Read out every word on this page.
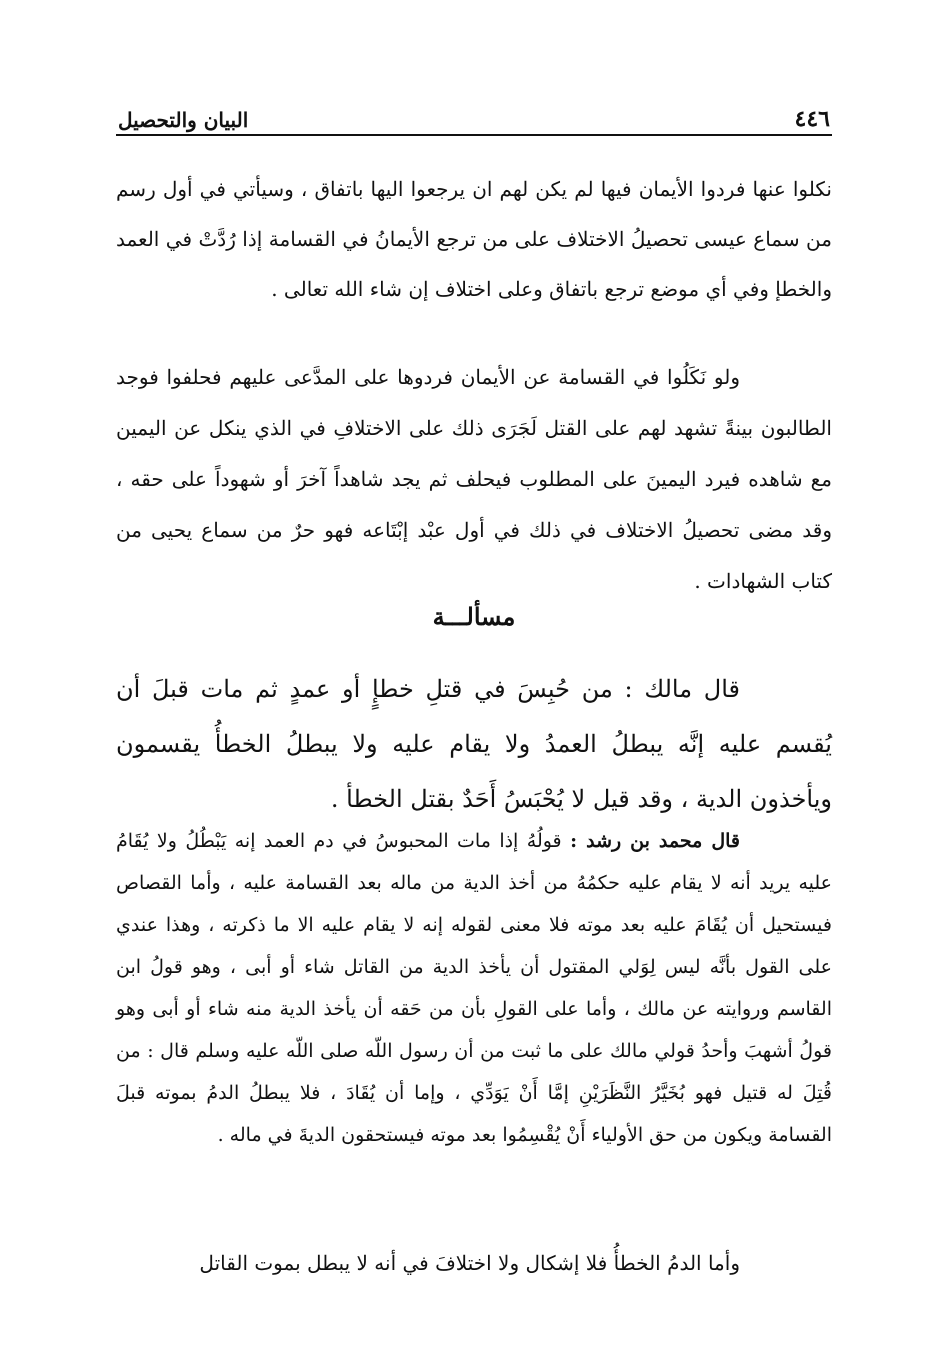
٤٤٦
البيان والتحصيل

نكلوا عنها فردوا الأيمان فيها لم يكن لهم ان يرجعوا اليها باتفاق ، وسيأتي في أول رسم من سماع عيسى تحصيلُ الاختلاف على من ترجع الأيمانُ في القسامة إذا رُدَّتْ في العمد والخطإ وفي أي موضع ترجع باتفاق وعلى اختلاف إن شاء الله تعالى .

ولو نَكَلُوا في القسامة عن الأيمان فردوها على المدَّعى عليهم فحلفوا فوجد الطالبون بينةً تشهد لهم على القتل لَجَرَى ذلك على الاختلافِ في الذي ينكل عن اليمين مع شاهده فيرد اليمينَ على المطلوب فيحلف ثم يجد شاهداً آخرَ أو شهوداً على حقه ، وقد مضى تحصيلُ الاختلاف في ذلك في أول عبْد إبْتَاعه فهو حرٌ من سماع يحيى من كتاب الشهادات .

مسألـــة

قال مالك : من حُبِسَ في قتلِ خطإٍ أو عمدٍ ثم مات قبلَ أن يُقسم عليه إنَّه يبطلُ العمدُ ولا يقام عليه ولا يبطلُ الخطأُ يقسمون ويأخذون الدية ، وقد قيل لا يُحْبَسُ أَحَدٌ بقتل الخطأ .

قال محمد بن رشد : قولُهُ إذا مات المحبوسُ في دم العمد إنه يَبْطُلُ ولا يُقَامُ عليه يريد أنه لا يقام عليه حكمُهُ من أخذ الدية من ماله بعد القسامة عليه ، وأما القصاص فيستحيل أن يُقَامَ عليه بعد موته فلا معنى لقوله إنه لا يقام عليه الا ما ذكرته ، وهذا عندي على القول بأنَّه ليس لِوَلي المقتول أن يأخذ الدية من القاتل شاء أو أبى ، وهو قولُ ابن القاسم وروايته عن مالك ، وأما على القولِ بأن من حَقه أن يأخذ الدية منه شاء أو أبى وهو قولُ أشهبَ وأحدُ قولي مالك على ما ثبت من أن رسول اللّه صلى اللّه عليه وسلم قال : من قُتِلَ له قتيل فهو بُخَيَّرُ النَّظَرَيْنِ إمَّا أَنْ يَوَدِّي ، وإما أن يُقَادَ ، فلا يبطلُ الدمُ بموته قبلَ القسامة ويكون من حق الأولياء أَنْ يُقْسِمُوا بعد موته فيستحقون الديةَ في ماله .

وأما الدمُ الخطأُ فلا إشكال ولا اختلافَ في أنه لا يبطل بموت القاتل
